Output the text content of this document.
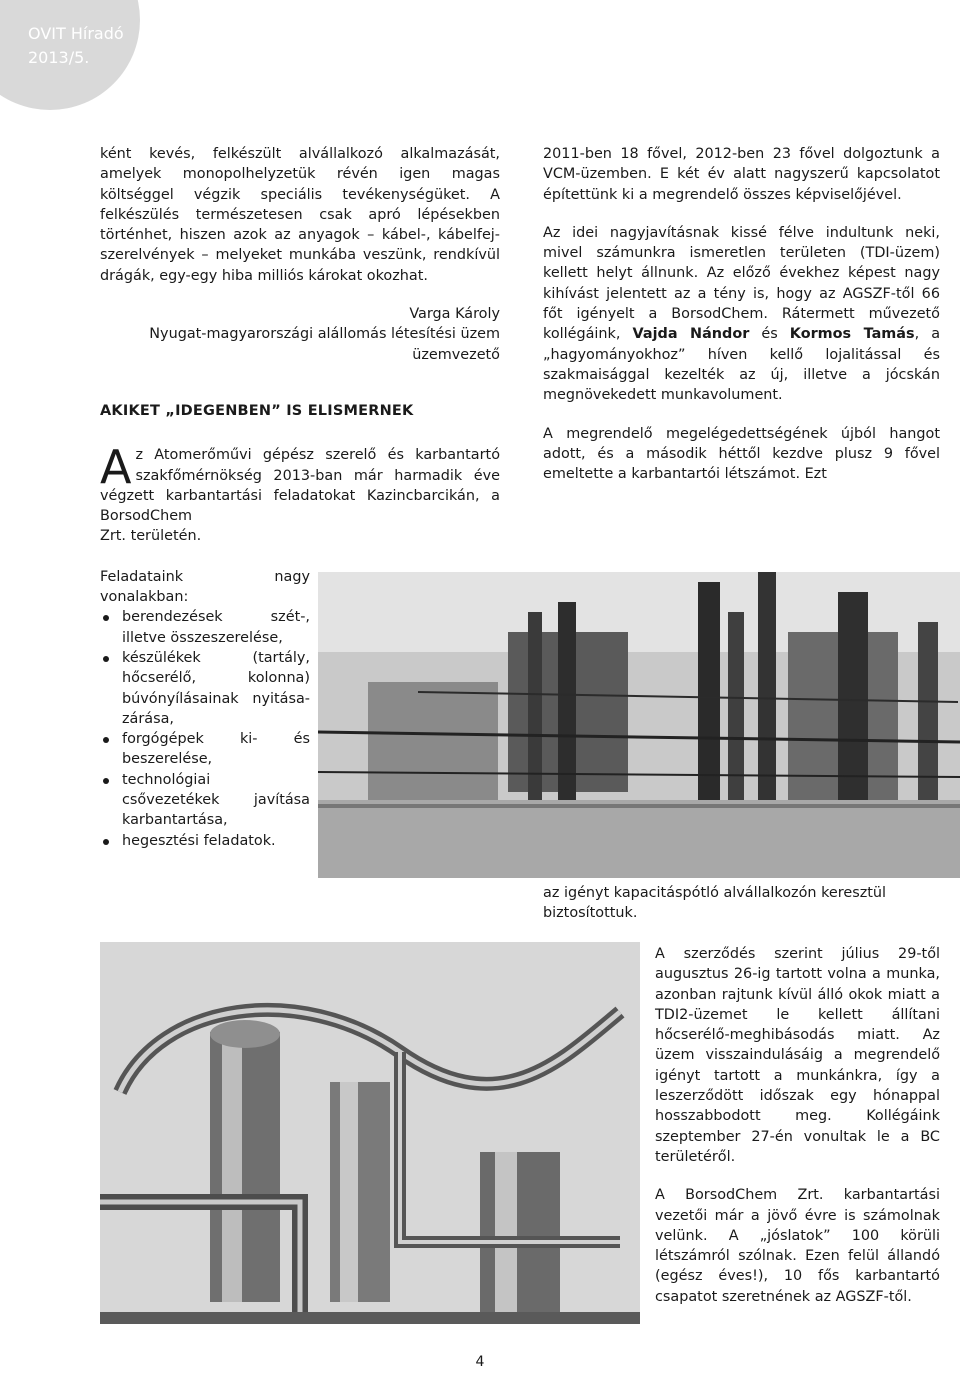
OVIT Híradó
2013/5.

ként kevés, felkészült alvállalkozó alkalmazását, amelyek monopolhelyzetük révén igen magas költséggel végzik speciális tevékenységüket. A felkészülés természetesen csak apró lépésekben történhet, hiszen azok az anyagok – kábel-, kábelfej-szerelvények – melyeket munkába veszünk, rendkívül drágák, egy-egy hiba milliós károkat okozhat.

Varga Károly
Nyugat-magyarországi alállomás létesítési üzem
üzemvezető
AKIKET „IDEGENBEN” IS ELISMERNEK
Az Atomerőművi gépész szerelő és karbantartó szakfőmérnökség 2013-ban már harmadik éve végzett karbantartási feladatokat Kazincbarcikán, a BorsodChem
Zrt. területén.
Feladataink nagy vonalakban:
berendezések szét-, illetve összeszerelése,
készülékek (tartály, hőcserélő, kolonna) búvónyílásainak nyitása-zárása,
forgógépek ki- és beszerelése,
technológiai csővezetékek javítása karbantartása,
hegesztési feladatok.

2011-ben 18 fővel, 2012-ben 23 fővel dolgoztunk a VCM-üzemben. E két év alatt nagyszerű kapcsolatot építettünk ki a megrendelő összes képviselőjével.

Az idei nagyjavításnak kissé félve indultunk neki, mivel számunkra ismeretlen területen (TDI-üzem) kellett helyt állnunk. Az előző évekhez képest nagy kihívást jelentett az a tény is, hogy az AGSZF-től 66 főt igényelt a BorsodChem. Rátermett művezető kollégáink, Vajda Nándor és Kormos Tamás, a „hagyományokhoz” híven kellő lojalitással és szakmaisággal kezelték az új, illetve a jócskán megnövekedett munkavolument.

A megrendelő megelégedettségének újból hangot adott, és a második héttől kezdve plusz 9 fővel emeltette a karbantartói létszámot. Ezt

az igényt kapacitáspótló alvállalkozón keresztül biztosítottuk.

A szerződés szerint július 29-től augusztus 26-ig tartott volna a munka, azonban rajtunk kívül álló okok miatt a TDI2-üzemet le kellett állítani hőcserélő-meghibásodás miatt. Az üzem visszaindulásáig a megrendelő igényt tartott a munkánkra, így a leszerződött időszak egy hónappal hosszabbodott meg. Kollégáink szeptember 27-én vonultak le a BC területéről.

A BorsodChem Zrt. karbantartási vezetői már a jövő évre is számolnak velünk. A „jóslatok” 100 körüli létszámról szólnak. Ezen felül állandó (egész éves!), 10 fős karbantartó csapatot szeretnének az AGSZF-től.

4
